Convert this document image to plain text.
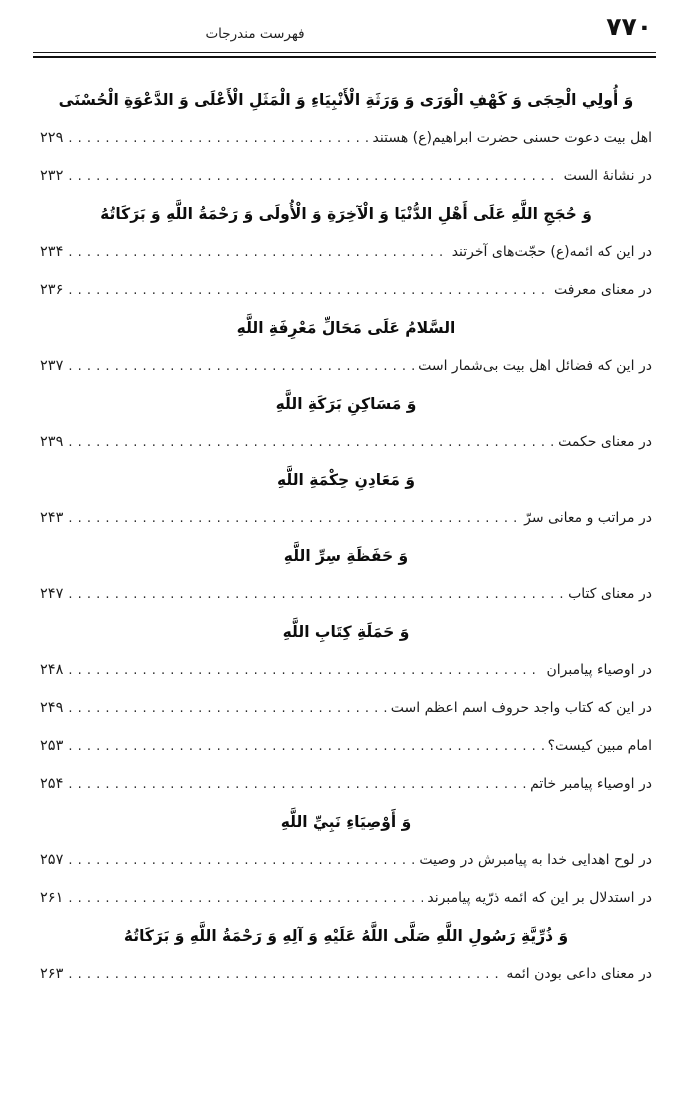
فهرست مندرجات	۷۷۰
وَ أُولِي الْحِجَى وَ كَهْفِ الْوَرَى وَ وَرَثَةِ الْأَنْبِيَاءِ وَ الْمَثَلِ الْأَعْلَى وَ الدَّعْوَةِ الْحُسْنَى
اهل بیت دعوت حسنی حضرت ابراهیم(ع) هستند
. . .
۲۲۹
در نشانهٔ الست
. . .
۲۳۲
وَ حُجَجِ اللَّهِ عَلَى أَهْلِ الدُّنْيَا وَ الْآخِرَةِ وَ الْأُولَى وَ رَحْمَةُ اللَّهِ وَ بَرَكَاتُهُ
در این که ائمه(ع) حجّت‌های آخرتند
. . .
۲۳۴
در معنای معرفت
. . .
۲۳۶
السَّلامُ عَلَى مَحَالِّ مَعْرِفَةِ اللَّهِ
در این که فضائل اهل بیت بی‌شمار است
. . .
۲۳۷
وَ مَسَاكِنِ بَرَكَةِ اللَّهِ
در معنای حکمت
. . .
۲۳۹
وَ مَعَادِنِ حِكْمَةِ اللَّهِ
در مراتب و معانی سرّ
. . .
۲۴۳
وَ حَفَظَةِ سِرِّ اللَّهِ
در معنای کتاب
. . .
۲۴۷
وَ حَمَلَةِ كِتَابِ اللَّهِ
در اوصیاء پیامبران
. . .
۲۴۸
در این که کتاب واجد حروف اسم اعظم است
. . .
۲۴۹
امام مبین کیست؟
. . .
۲۵۳
در اوصیاء پیامبر خاتم
. . .
۲۵۴
وَ أَوْصِيَاءِ نَبِيِّ اللَّهِ
در لوح اهدایی خدا به پیامبرش در وصیت
. . .
۲۵۷
در استدلال بر این که ائمه ذرّیه پیامبرند
. . .
۲۶۱
وَ ذُرِّيَّةِ رَسُولِ اللَّهِ صَلَّى اللَّهُ عَلَيْهِ وَ آلِهِ وَ رَحْمَةُ اللَّهِ وَ بَرَكَاتُهُ
در معنای داعی بودن ائمه
. . .
۲۶۳
